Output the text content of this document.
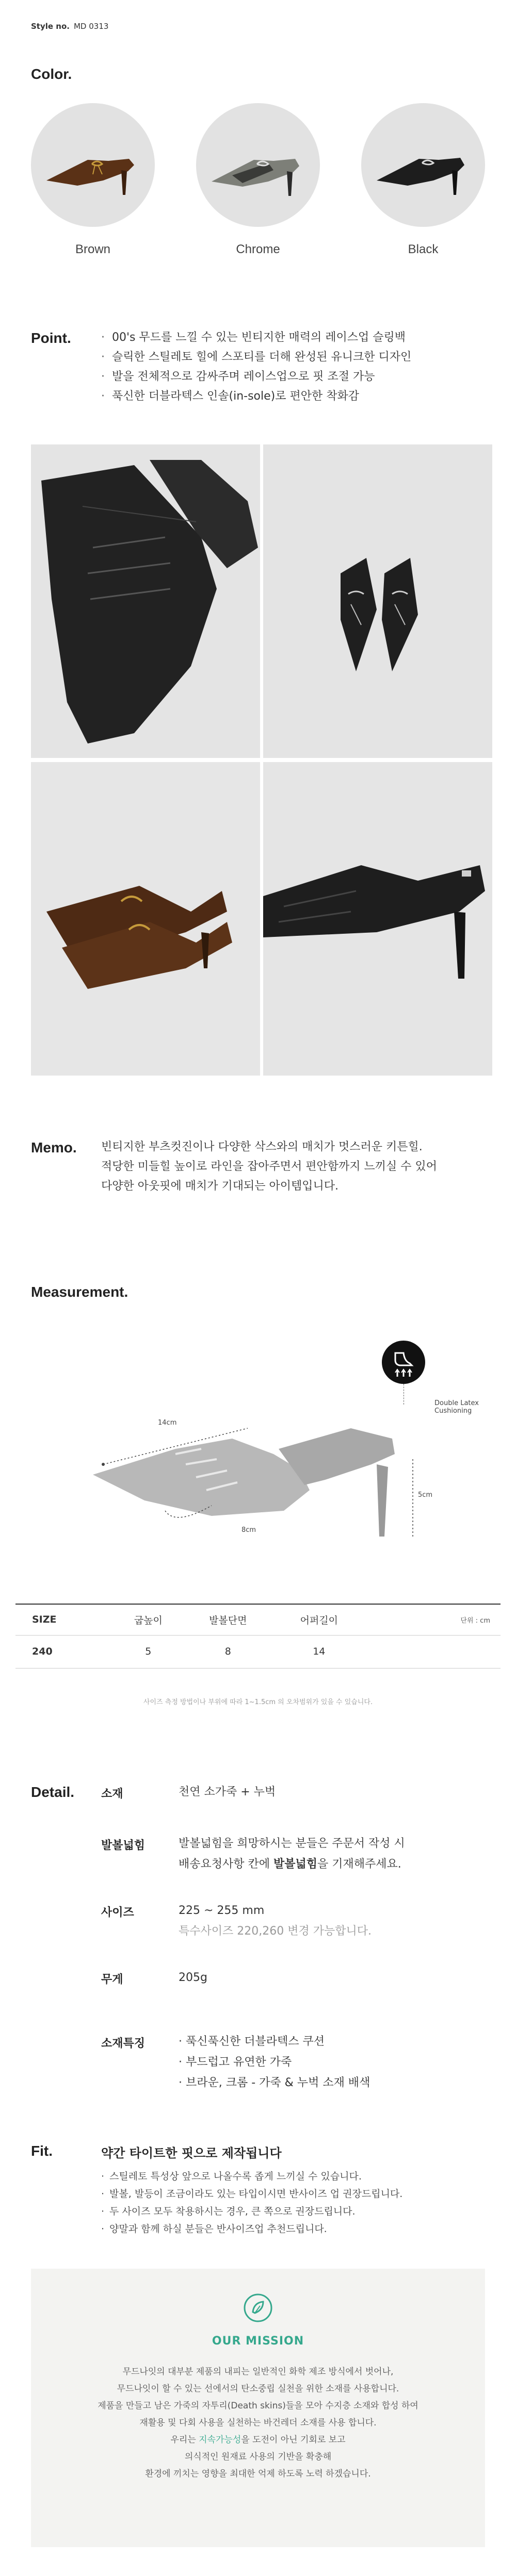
Style no. MD 0313
Color.
Brown	Chrome	Black
Point.	· 00's 무드를 느낄 수 있는 빈티지한 매력의 레이스업 슬링백
· 슬릭한 스틸레토 힐에 스포티를 더해 완성된 유니크한 디자인
· 발을 전체적으로 감싸주며 레이스업으로 핏 조절 가능
· 푹신한 더블라텍스 인솔(in-sole)로 편안한 착화감
Memo. 빈티지한 부츠컷진이나 다양한 삭스와의 매치가 멋스러운 키튼힐.
적당한 미들힐 높이로 라인을 잡아주면서 편안함까지 느끼실 수 있어
다양한 아웃핏에 매치가 기대되는 아이템입니다.
Measurement.
Double Latex
Cushioning
14cm
8cm
5cm
SIZE	굽높이	발볼단면	어퍼길이	단위 : cm
240	5	8	14	
사이즈 측정 방법이나 부위에 따라 1~1.5cm 의 오차범위가 있을 수 있습니다.
Detail. 소재	천연 소가죽 + 누벅
발볼넓힘	발볼넓힘을 희망하시는 분들은 주문서 작성 시
배송요청사항 칸에 발볼넓힘을 기재해주세요.
사이즈	225 ~ 255 mm
특수사이즈 220,260 변경 가능합니다.
무게	205g
소재특징	· 푹신푹신한 더블라텍스 쿠션
· 부드럽고 유연한 가죽
· 브라운, 크롬 - 가죽 & 누벅 소재 배색
Fit.	약간 타이트한 핏으로 제작됩니다
· 스틸레토 특성상 앞으로 나올수록 좁게 느끼실 수 있습니다.
· 발볼, 발등이 조금이라도 있는 타입이시면 반사이즈 업 권장드립니다.
· 두 사이즈 모두 착용하시는 경우, 큰 쪽으로 권장드립니다.
· 양말과 함께 하실 분들은 반사이즈업 추천드립니다.
OUR MISSION
무드나잇의 대부분 제품의 내피는 일반적인 화학 제조 방식에서 벗어나,
무드나잇이 할 수 있는 선에서의 탄소중립 실천을 위한 소재를 사용합니다.
제품을 만들고 남은 가죽의 자투리(Death skins)들을 모아 수지층 소재와 합성 하여
재활용 및 다회 사용을 실천하는 바건레더 소재를 사용 합니다.
우리는 지속가능성을 도전이 아닌 기회로 보고
의식적인 원재료 사용의 기반을 확충해
환경에 끼치는 영향을 최대한 억제 하도록 노력 하겠습니다.
